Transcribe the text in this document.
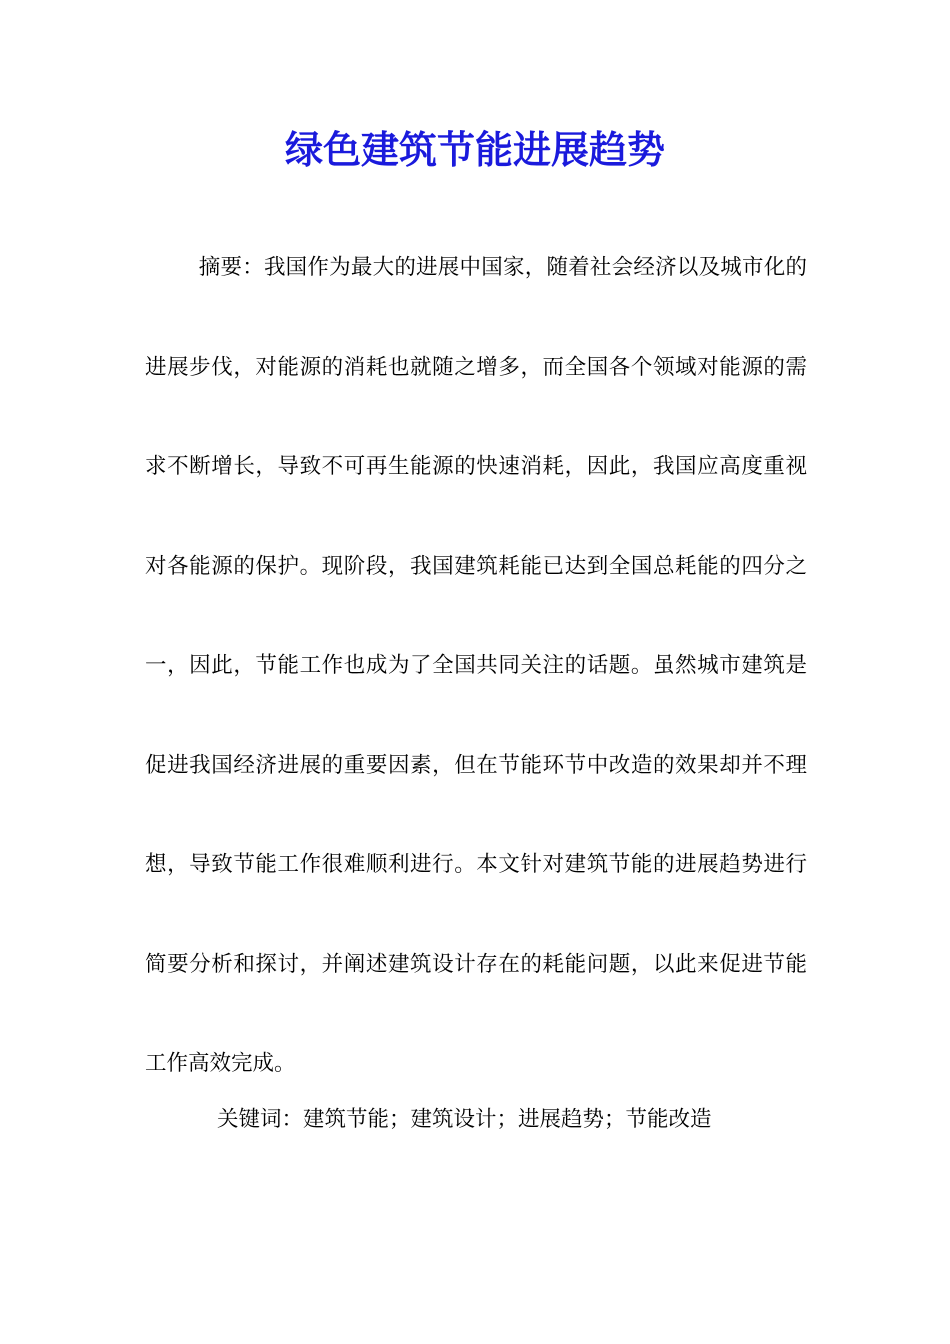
绿色建筑节能进展趋势

摘要：我国作为最大的进展中国家，随着社会经济以及城市化的进展步伐，对能源的消耗也就随之增多，而全国各个领域对能源的需求不断增长，导致不可再生能源的快速消耗，因此，我国应高度重视对各能源的保护。现阶段，我国建筑耗能已达到全国总耗能的四分之一，因此，节能工作也成为了全国共同关注的话题。虽然城市建筑是促进我国经济进展的重要因素，但在节能环节中改造的效果却并不理想，导致节能工作很难顺利进行。本文针对建筑节能的进展趋势进行简要分析和探讨，并阐述建筑设计存在的耗能问题，以此来促进节能工作高效完成。

关键词：建筑节能；建筑设计；进展趋势；节能改造
